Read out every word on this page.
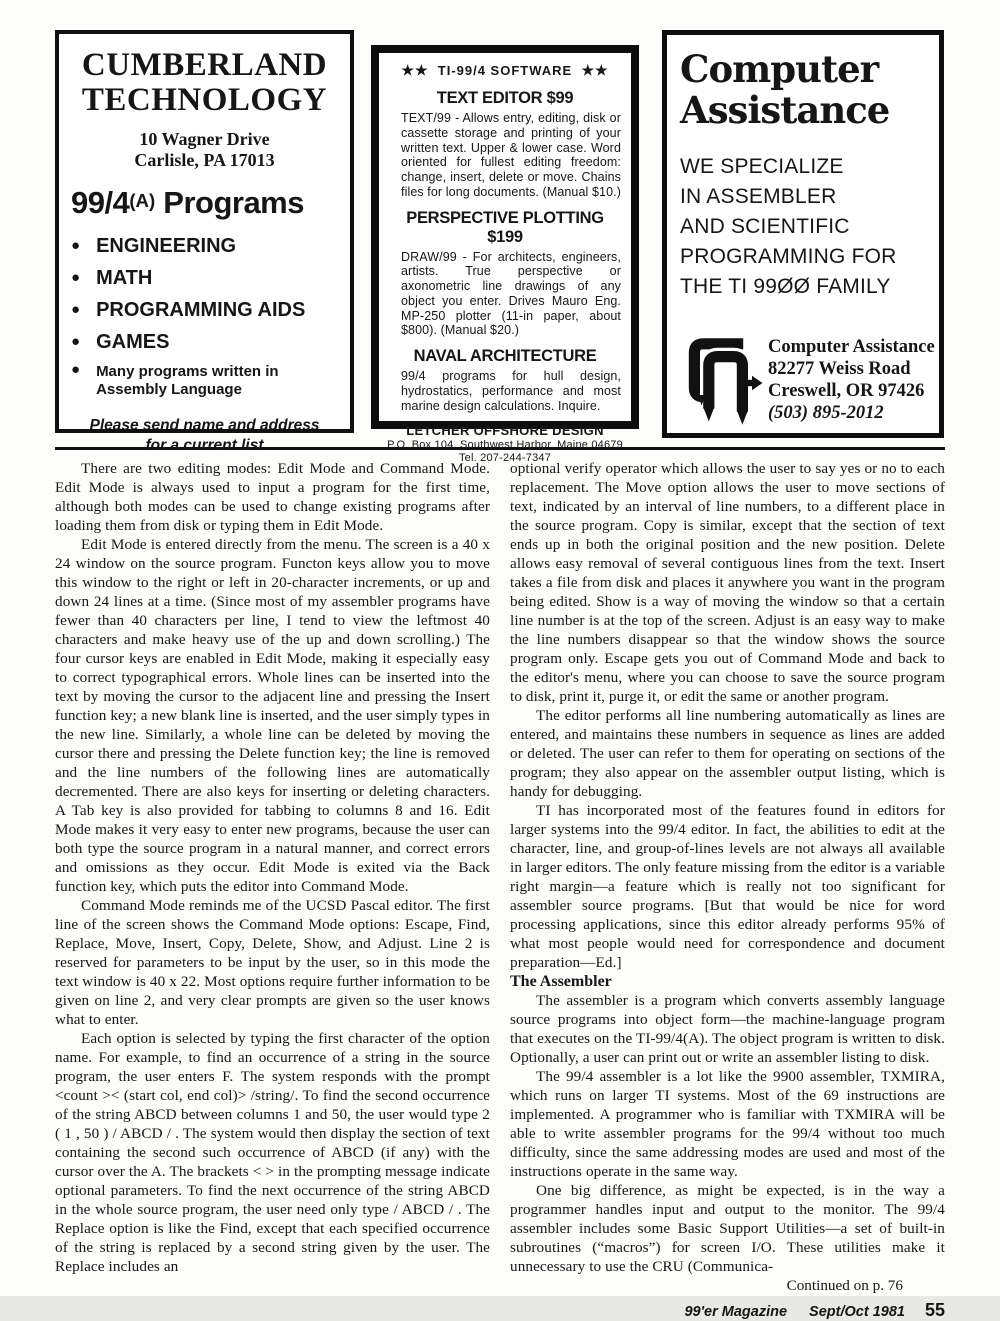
CUMBERLAND
TECHNOLOGY
10 Wagner Drive
Carlisle, PA 17013
$99/4^{(A)}$ Programs
● ENGINEERING
● MATH
● PROGRAMMING AIDS
● GAMES
● Many programs written in Assembly Language
Please send name and address
for a current list
★★ TI-99/4 SOFTWARE ★★
TEXT EDITOR $99
TEXT/99 - Allows entry, editing, disk or cassette storage and printing of your written text. Upper & lower case. Word oriented for fullest editing freedom: change, insert, delete or move. Chains files for long documents. (Manual $10.)
PERSPECTIVE PLOTTING $199
DRAW/99 - For architects, engineers, artists. True perspective or axonometric line drawings of any object you enter. Drives Mauro Eng. MP-250 plotter (11-in paper, about $800). (Manual $20.)
NAVAL ARCHITECTURE
99/4 programs for hull design, hydrostatics, performance and most marine design calculations. Inquire.
LETCHER OFFSHORE DESIGN
P.O. Box 104, Southwest Harbor, Maine 04679
Tel. 207-244-7347
Computer
Assistance
WE SPECIALIZE
IN ASSEMBLER
AND SCIENTIFIC
PROGRAMMING FOR
THE TI 99ØØ FAMILY
Computer Assistance
82277 Weiss Road
Creswell, OR 97426
(503) 895-2012

There are two editing modes: Edit Mode and Command Mode. Edit Mode is always used to input a program for the first time, although both modes can be used to change existing programs after loading them from disk or typing them in Edit Mode.

Edit Mode is entered directly from the menu. The screen is a 40 x 24 window on the source program. Functon keys allow you to move this window to the right or left in 20-character increments, or up and down 24 lines at a time. (Since most of my assembler programs have fewer than 40 characters per line, I tend to view the leftmost 40 characters and make heavy use of the up and down scrolling.) The four cursor keys are enabled in Edit Mode, making it especially easy to correct typographical errors. Whole lines can be inserted into the text by moving the cursor to the adjacent line and pressing the Insert function key; a new blank line is inserted, and the user simply types in the new line. Similarly, a whole line can be deleted by moving the cursor there and pressing the Delete function key; the line is removed and the line numbers of the following lines are automatically decremented. There are also keys for inserting or deleting characters. A Tab key is also provided for tabbing to columns 8 and 16. Edit Mode makes it very easy to enter new programs, because the user can both type the source program in a natural manner, and correct errors and omissions as they occur. Edit Mode is exited via the Back function key, which puts the editor into Command Mode.

Command Mode reminds me of the UCSD Pascal editor. The first line of the screen shows the Command Mode options: Escape, Find, Replace, Move, Insert, Copy, Delete, Show, and Adjust. Line 2 is reserved for parameters to be input by the user, so in this mode the text window is 40 x 22. Most options require further information to be given on line 2, and very clear prompts are given so the user knows what to enter.

Each option is selected by typing the first character of the option name. For example, to find an occurrence of a string in the source program, the user enters F. The system responds with the prompt <count >< (start col, end col)> /string/. To find the second occurrence of the string ABCD between columns 1 and 50, the user would type 2 ( 1 , 50 ) / ABCD / . The system would then display the section of text containing the second such occurrence of ABCD (if any) with the cursor over the A. The brackets < > in the prompting message indicate optional parameters. To find the next occurrence of the string ABCD in the whole source program, the user need only type / ABCD / . The Replace option is like the Find, except that each specified occurrence of the string is replaced by a second string given by the user. The Replace includes an

optional verify operator which allows the user to say yes or no to each replacement. The Move option allows the user to move sections of text, indicated by an interval of line numbers, to a different place in the source program. Copy is similar, except that the section of text ends up in both the original position and the new position. Delete allows easy removal of several contiguous lines from the text. Insert takes a file from disk and places it anywhere you want in the program being edited. Show is a way of moving the window so that a certain line number is at the top of the screen. Adjust is an easy way to make the line numbers disappear so that the window shows the source program only. Escape gets you out of Command Mode and back to the editor's menu, where you can choose to save the source program to disk, print it, purge it, or edit the same or another program.

The editor performs all line numbering automatically as lines are entered, and maintains these numbers in sequence as lines are added or deleted. The user can refer to them for operating on sections of the program; they also appear on the assembler output listing, which is handy for debugging.

TI has incorporated most of the features found in editors for larger systems into the 99/4 editor. In fact, the abilities to edit at the character, line, and group-of-lines levels are not always all available in larger editors. The only feature missing from the editor is a variable right margin—a feature which is really not too significant for assembler source programs. [But that would be nice for word processing applications, since this editor already performs 95% of what most people would need for correspondence and document preparation—Ed.]

The Assembler

The assembler is a program which converts assembly language source programs into object form—the machine-language program that executes on the TI-99/4(A). The object program is written to disk. Optionally, a user can print out or write an assembler listing to disk.

The 99/4 assembler is a lot like the 9900 assembler, TXMIRA, which runs on larger TI systems. Most of the 69 instructions are implemented. A programmer who is familiar with TXMIRA will be able to write assembler programs for the 99/4 without too much difficulty, since the same addressing modes are used and most of the instructions operate in the same way.

One big difference, as might be expected, is in the way a programmer handles input and output to the monitor. The 99/4 assembler includes some Basic Support Utilities—a set of built-in subroutines (“macros”) for screen I/O. These utilities make it unnecessary to use the CRU (Communica-

Continued on p. 76
99'er Magazine Sept/Oct 1981 55
